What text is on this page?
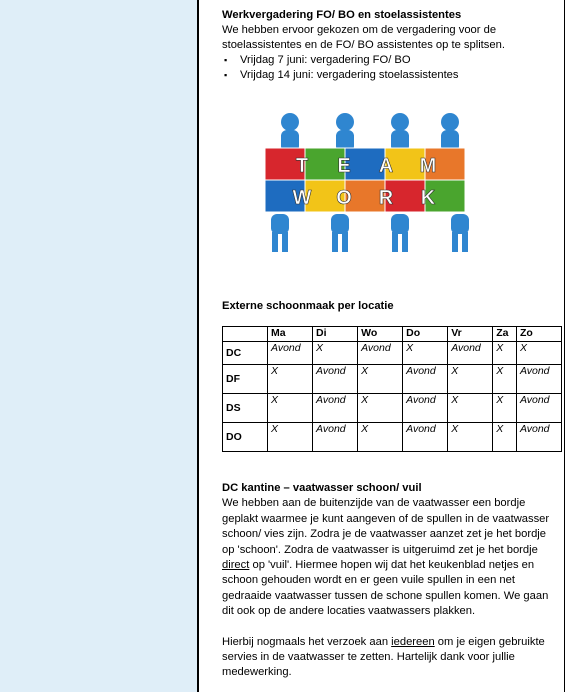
Werkvergadering FO/ BO en stoelassistentes
We hebben ervoor gekozen om de vergadering voor de stoelassistentes en de FO/ BO assistentes op te splitsen.
▪ Vrijdag 7 juni: vergadering FO/ BO
▪ Vrijdag 14 juni: vergadering stoelassistentes
T E A M
W O R K
Externe schoonmaak per locatie
	Ma	Di	Wo	Do	Vr	Za	Zo
DC	Avond	X	Avond	X	Avond	X	X
DF	X	Avond	X	Avond	X	X	Avond
DS	X	Avond	X	Avond	X	X	Avond
DO	X	Avond	X	Avond	X	X	Avond
DC kantine – vaatwasser schoon/ vuil

We hebben aan de buitenzijde van de vaatwasser een bordje geplakt waarmee je kunt aangeven of de spullen in de vaatwasser schoon/ vies zijn. Zodra je de vaatwasser aanzet zet je het bordje op 'schoon'. Zodra de vaatwasser is uitgeruimd zet je het bordje direct op 'vuil'. Hiermee hopen wij dat het keukenblad netjes en schoon gehouden wordt en er geen vuile spullen in een net gedraaide vaatwasser tussen de schone spullen komen. We gaan dit ook op de andere locaties vaatwassers plakken.

Hierbij nogmaals het verzoek aan iedereen om je eigen gebruikte servies in de vaatwasser te zetten. Hartelijk dank voor jullie medewerking.
